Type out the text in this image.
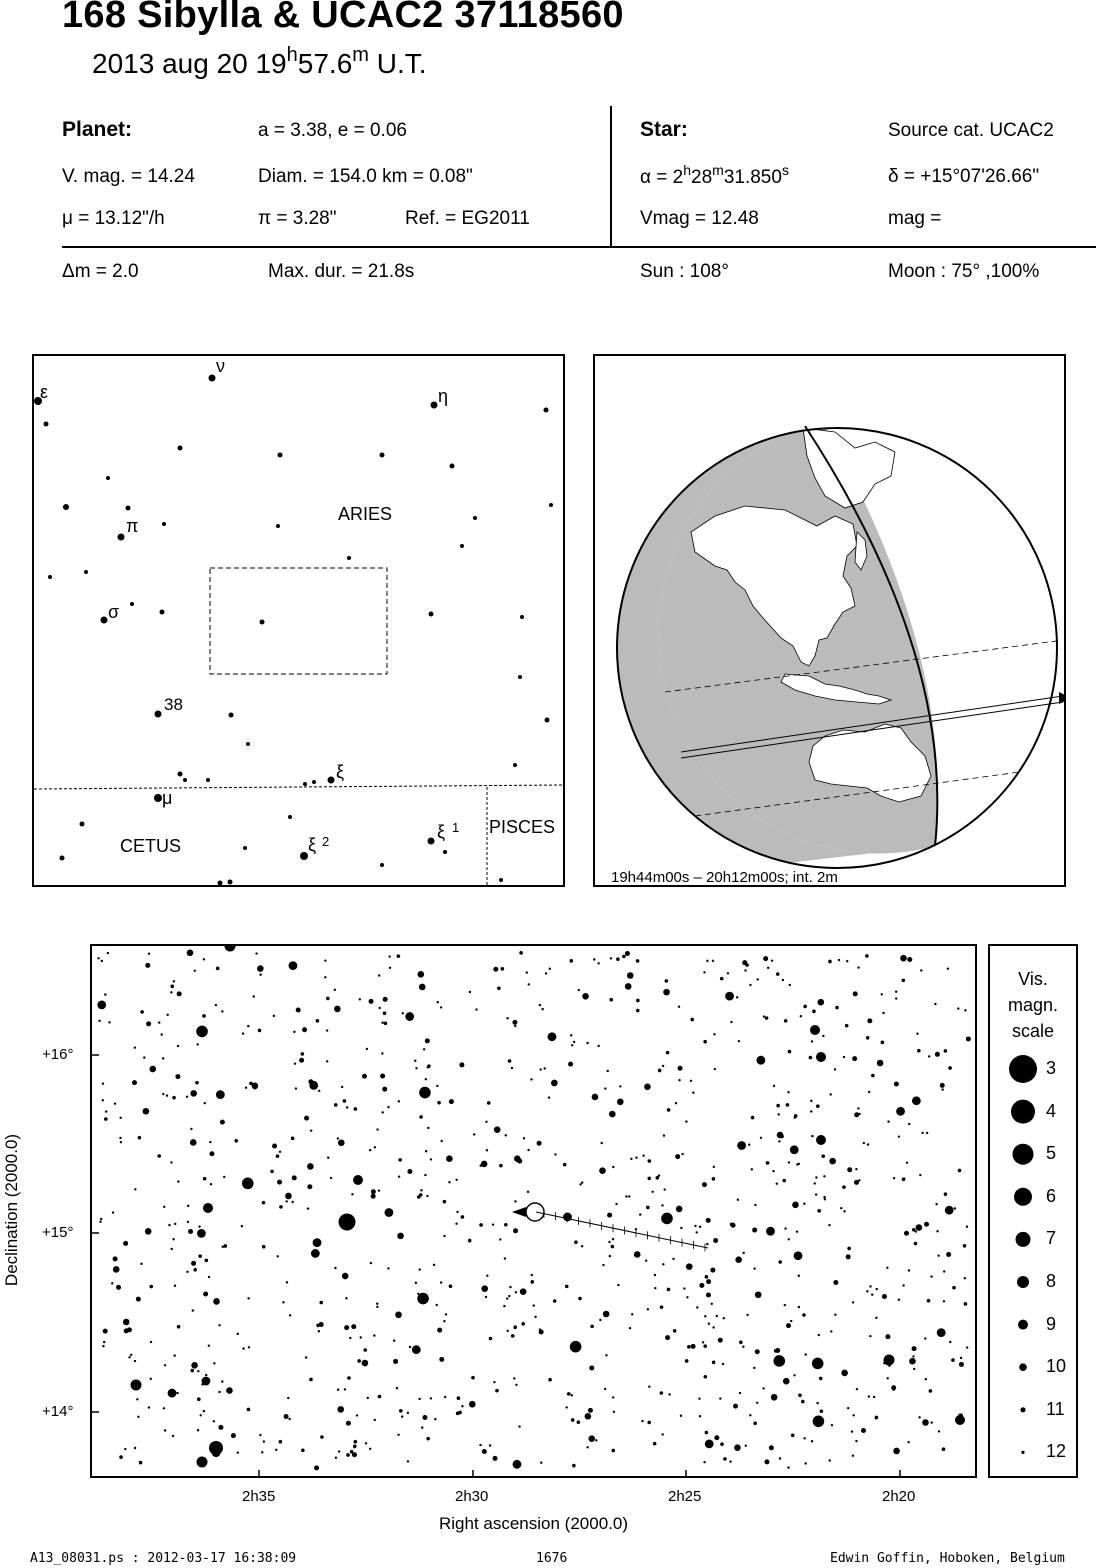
168 Sibylla & UCAC2 37118560
2013 aug 20 19$^h$57.6$^m$ U.T.
Planet:	a = 3.38, e = 0.06
V. mag. = 14.24	Diam. = 154.0 km = 0.08"
μ = 13.12"/h	π = 3.28"	Ref. = EG2011
Star:	Source cat. UCAC2
$\alpha = 2^h28^m31.850^s$	δ = +15°07'26.66"
Vmag = 12.48	mag =
Δm = 2.0	Max. dur. = 21.8s	Sun : 108°	Moon : 75° ,100%
ARIES
CETUS
PISCES
ε
ν
η
π
σ
38
ξ
μ
ξ 2	ξ 1
19h44m00s – 20h12m00s; int. 2m
Declination (2000.0)
Right ascension (2000.0)
2h35	2h30	2h25	2h20
+16°
+15°
+14°
Vis.
magn.
scale
3
4
5
6
7
8
9
10
11
12
A13_08031.ps : 2012-03-17 16:38:09	1676	Edwin Goffin, Hoboken, Belgium
